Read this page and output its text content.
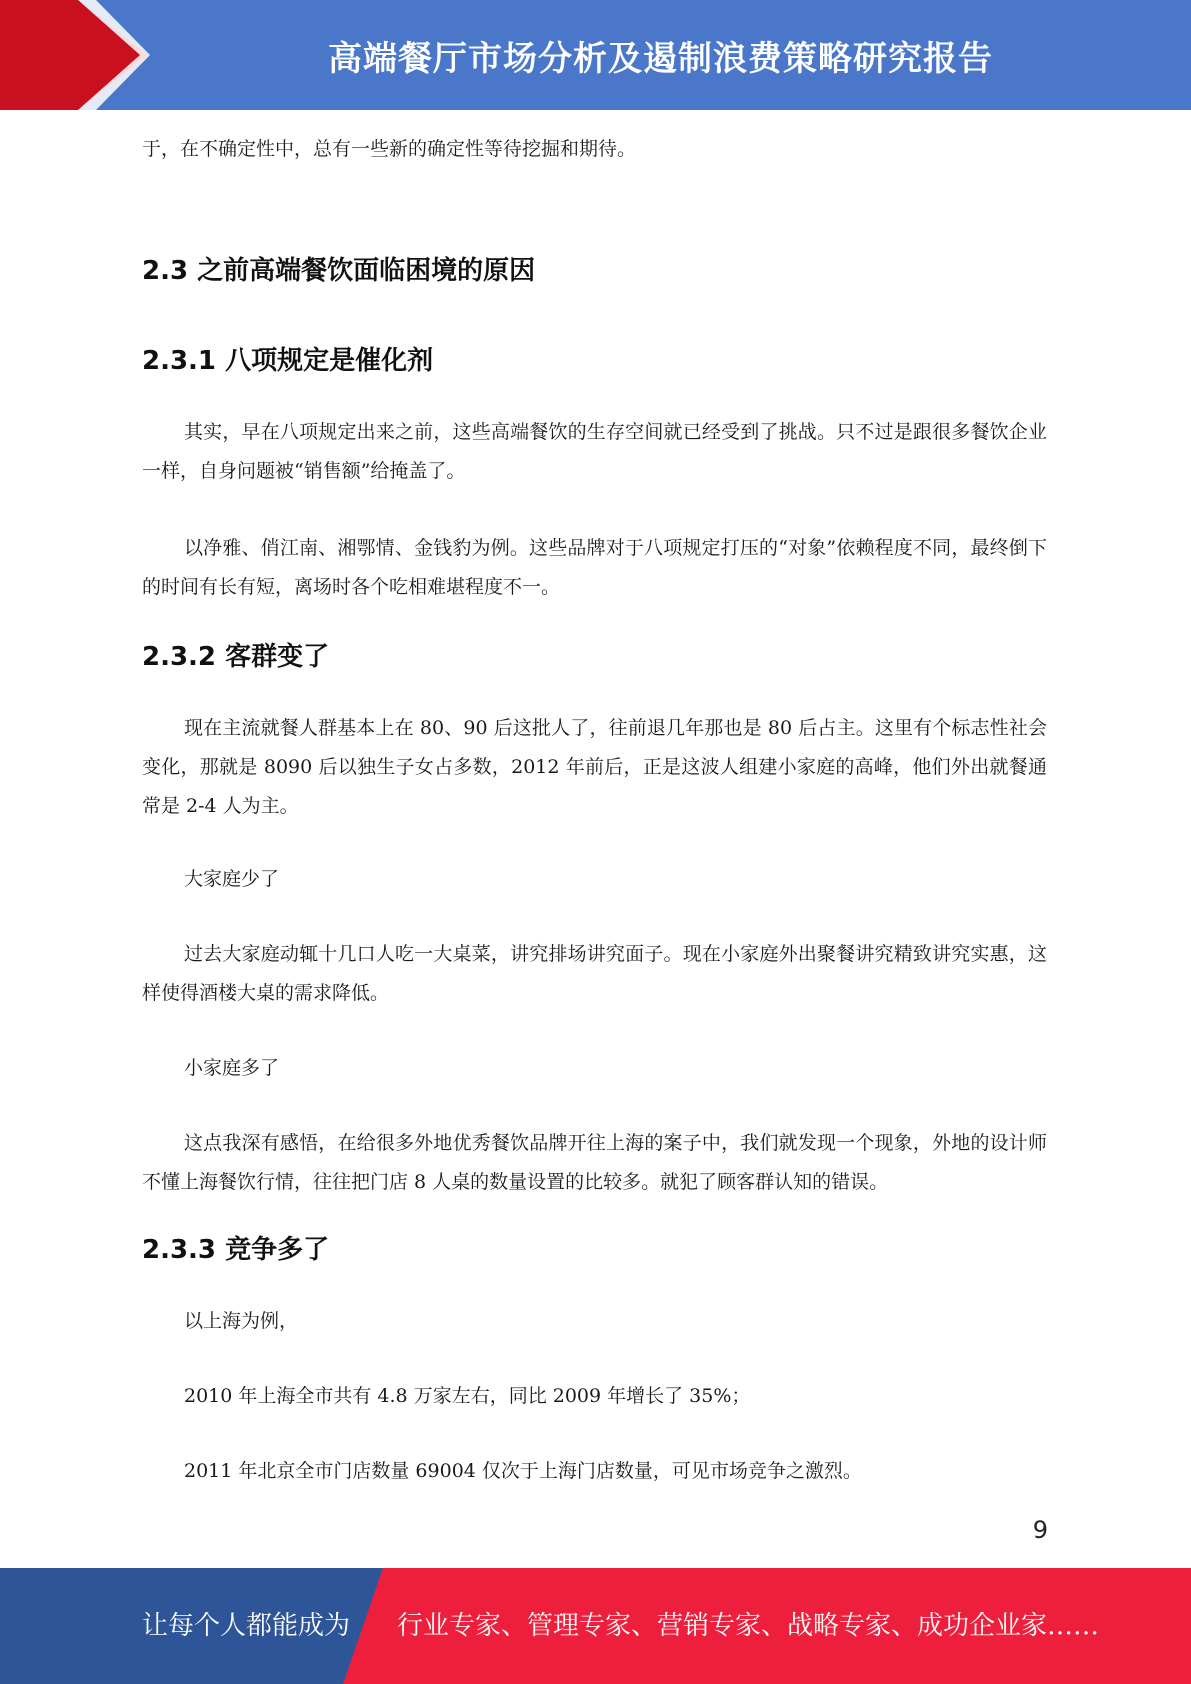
高端餐厅市场分析及遏制浪费策略研究报告

于，在不确定性中，总有一些新的确定性等待挖掘和期待。

2.3 之前高端餐饮面临困境的原因
2.3.1 八项规定是催化剂

其实，早在八项规定出来之前，这些高端餐饮的生存空间就已经受到了挑战。只不过是跟很多餐饮企业一样，自身问题被“销售额”给掩盖了。

以净雅、俏江南、湘鄂情、金钱豹为例。这些品牌对于八项规定打压的“对象”依赖程度不同，最终倒下的时间有长有短，离场时各个吃相难堪程度不一。

2.3.2 客群变了

现在主流就餐人群基本上在 80、90 后这批人了，往前退几年那也是 80 后占主。这里有个标志性社会变化，那就是 8090 后以独生子女占多数，2012 年前后，正是这波人组建小家庭的高峰，他们外出就餐通常是 2-4 人为主。

大家庭少了

过去大家庭动辄十几口人吃一大桌菜，讲究排场讲究面子。现在小家庭外出聚餐讲究精致讲究实惠，这样使得酒楼大桌的需求降低。

小家庭多了

这点我深有感悟，在给很多外地优秀餐饮品牌开往上海的案子中，我们就发现一个现象，外地的设计师不懂上海餐饮行情，往往把门店 8 人桌的数量设置的比较多。就犯了顾客群认知的错误。

2.3.3 竞争多了

以上海为例，

2010 年上海全市共有 4.8 万家左右，同比 2009 年增长了 35%；

2011 年北京全市门店数量 69004 仅次于上海门店数量，可见市场竞争之激烈。

9
让每个人都能成为 行业专家、管理专家、营销专家、战略专家、成功企业家……
